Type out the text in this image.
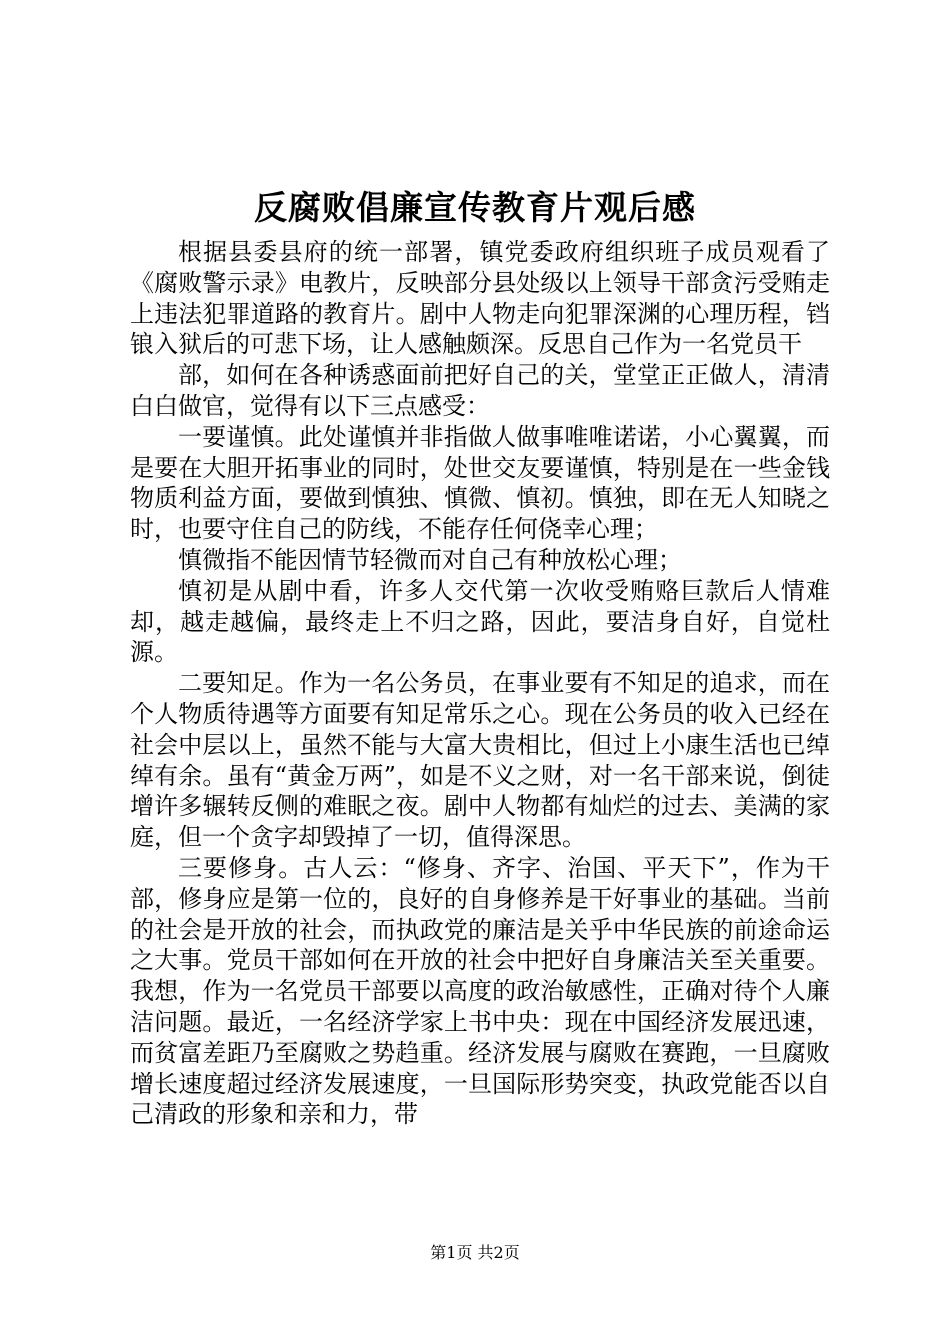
反腐败倡廉宣传教育片观后感

根据县委县府的统一部署，镇党委政府组织班子成员观看了《腐败警示录》电教片，反映部分县处级以上领导干部贪污受贿走上违法犯罪道路的教育片。剧中人物走向犯罪深渊的心理历程，铛锒入狱后的可悲下场，让人感触颇深。反思自己作为一名党员干

部，如何在各种诱惑面前把好自己的关，堂堂正正做人，清清白白做官，觉得有以下三点感受：

一要谨慎。此处谨慎并非指做人做事唯唯诺诺，小心翼翼，而是要在大胆开拓事业的同时，处世交友要谨慎，特别是在一些金钱物质利益方面，要做到慎独、慎微、慎初。慎独，即在无人知晓之时，也要守住自己的防线，不能存任何侥幸心理；

慎微指不能因情节轻微而对自己有种放松心理；

慎初是从剧中看，许多人交代第一次收受贿赂巨款后人情难却，越走越偏，最终走上不归之路，因此，要洁身自好，自觉杜源。

二要知足。作为一名公务员，在事业要有不知足的追求，而在个人物质待遇等方面要有知足常乐之心。现在公务员的收入已经在社会中层以上，虽然不能与大富大贵相比，但过上小康生活也已绰绰有余。虽有“黄金万两”，如是不义之财，对一名干部来说，倒徒增许多辗转反侧的难眠之夜。剧中人物都有灿烂的过去、美满的家庭，但一个贪字却毁掉了一切，值得深思。

三要修身。古人云：“修身、齐字、治国、平天下”，作为干部，修身应是第一位的，良好的自身修养是干好事业的基础。当前的社会是开放的社会，而执政党的廉洁是关乎中华民族的前途命运之大事。党员干部如何在开放的社会中把好自身廉洁关至关重要。我想，作为一名党员干部要以高度的政治敏感性，正确对待个人廉洁问题。最近，一名经济学家上书中央：现在中国经济发展迅速，而贫富差距乃至腐败之势趋重。经济发展与腐败在赛跑，一旦腐败增长速度超过经济发展速度，一旦国际形势突变，执政党能否以自己清政的形象和亲和力，带

第1页 共2页
